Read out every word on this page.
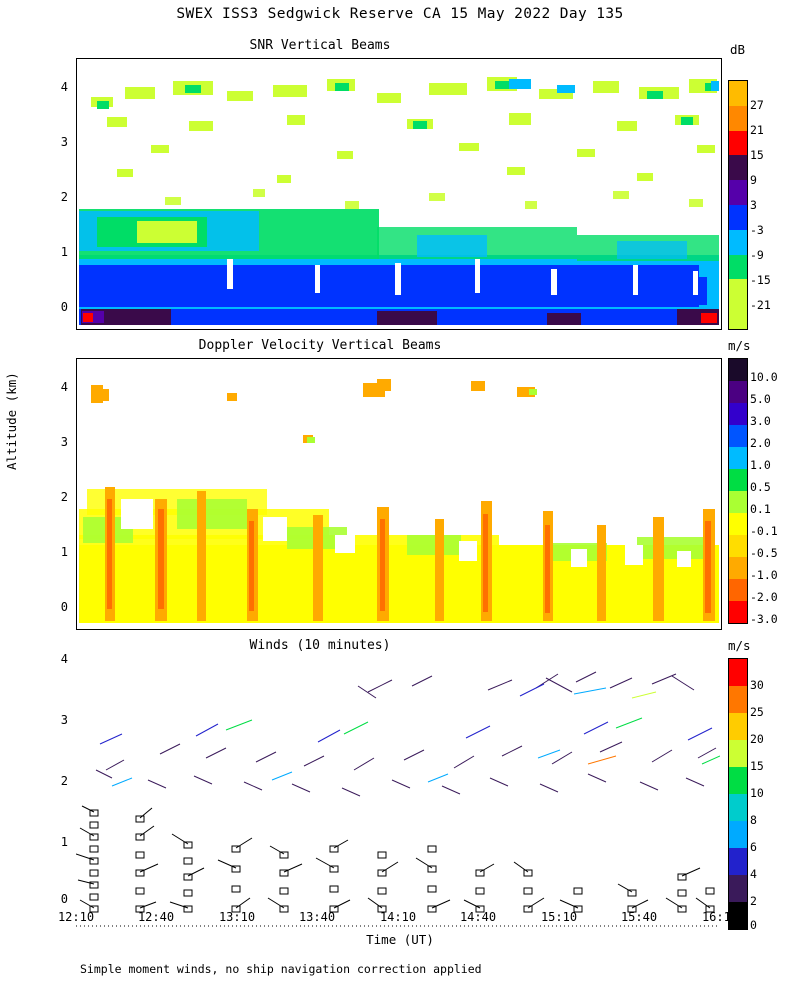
SWEX ISS3 Sedgwick Reserve CA 15 May 2022 Day 135
Altitude (km)
Time (UT)
Simple moment winds, no ship navigation correction applied
SNR Vertical Beams
4
3
2
1
0
dB
27
21
15
9
3
-3
-9
-15
-21
Doppler Velocity Vertical Beams
4
3
2
1
0
m/s
10.0
5.0
3.0
2.0
1.0
0.5
0.1
-0.1
-0.5
-1.0
-2.0
-3.0
Winds (10 minutes)
4
3
2
1
0
m/s
30
25
20
15
10
8
6
4
2
0
12:10	12:40	13:10	13:40	14:10	14:40	15:10	15:40	16:10
